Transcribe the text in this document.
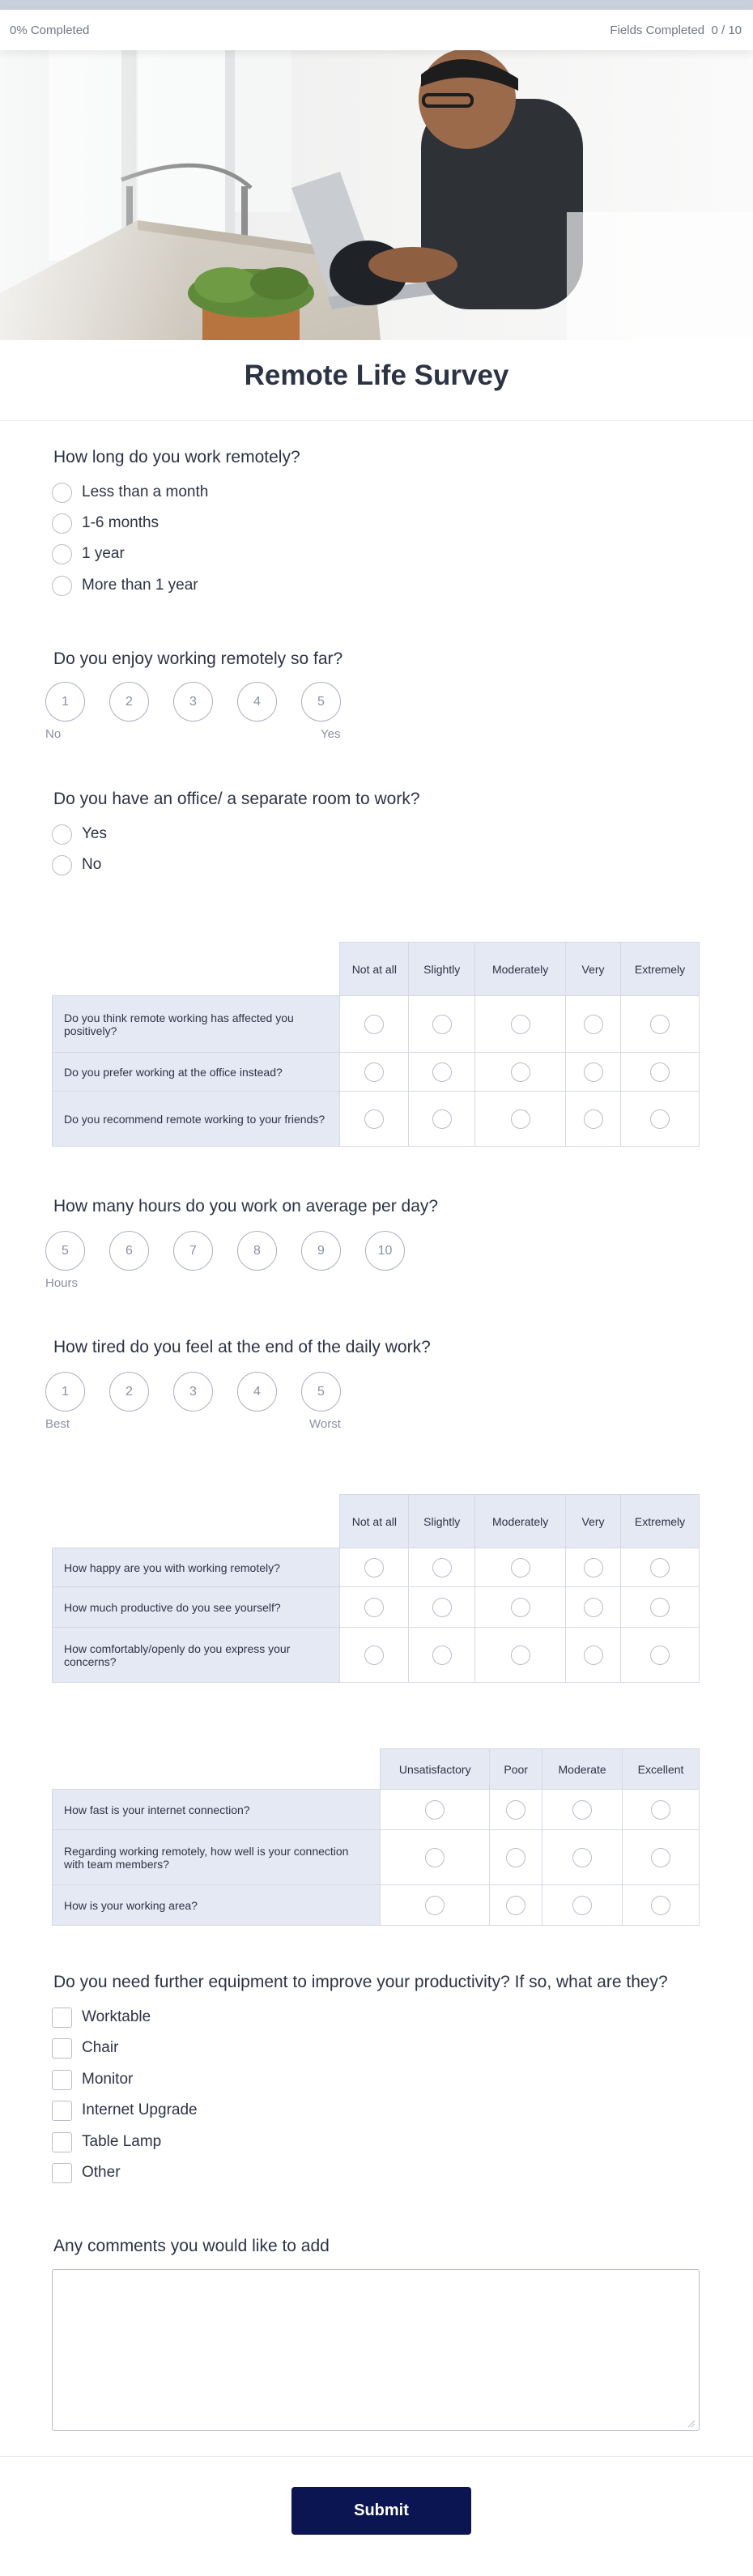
0% Completed	Fields Completed 0 / 10
Remote Life Survey
How long do you work remotely?
Less than a month
1-6 months
1 year
More than 1 year
Do you enjoy working remotely so far?
1	2	3	4	5
No	Yes
Do you have an office/ a separate room to work?
Yes
No
	Not at all	Slightly	Moderately	Very	Extremely
Do you think remote working has affected you positively?					
Do you prefer working at the office instead?					
Do you recommend remote working to your friends?					
How many hours do you work on average per day?
5	6	7	8	9	10
Hours
How tired do you feel at the end of the daily work?
1	2	3	4	5
Best	Worst
	Not at all	Slightly	Moderately	Very	Extremely
How happy are you with working remotely?					
How much productive do you see yourself?					
How comfortably/openly do you express your concerns?					
	Unsatisfactory	Poor	Moderate	Excellent
How fast is your internet connection?				
Regarding working remotely, how well is your connection with team members?				
How is your working area?				
Do you need further equipment to improve your productivity? If so, what are they?
Worktable
Chair
Monitor
Internet Upgrade
Table Lamp
Other
Any comments you would like to add
Submit
